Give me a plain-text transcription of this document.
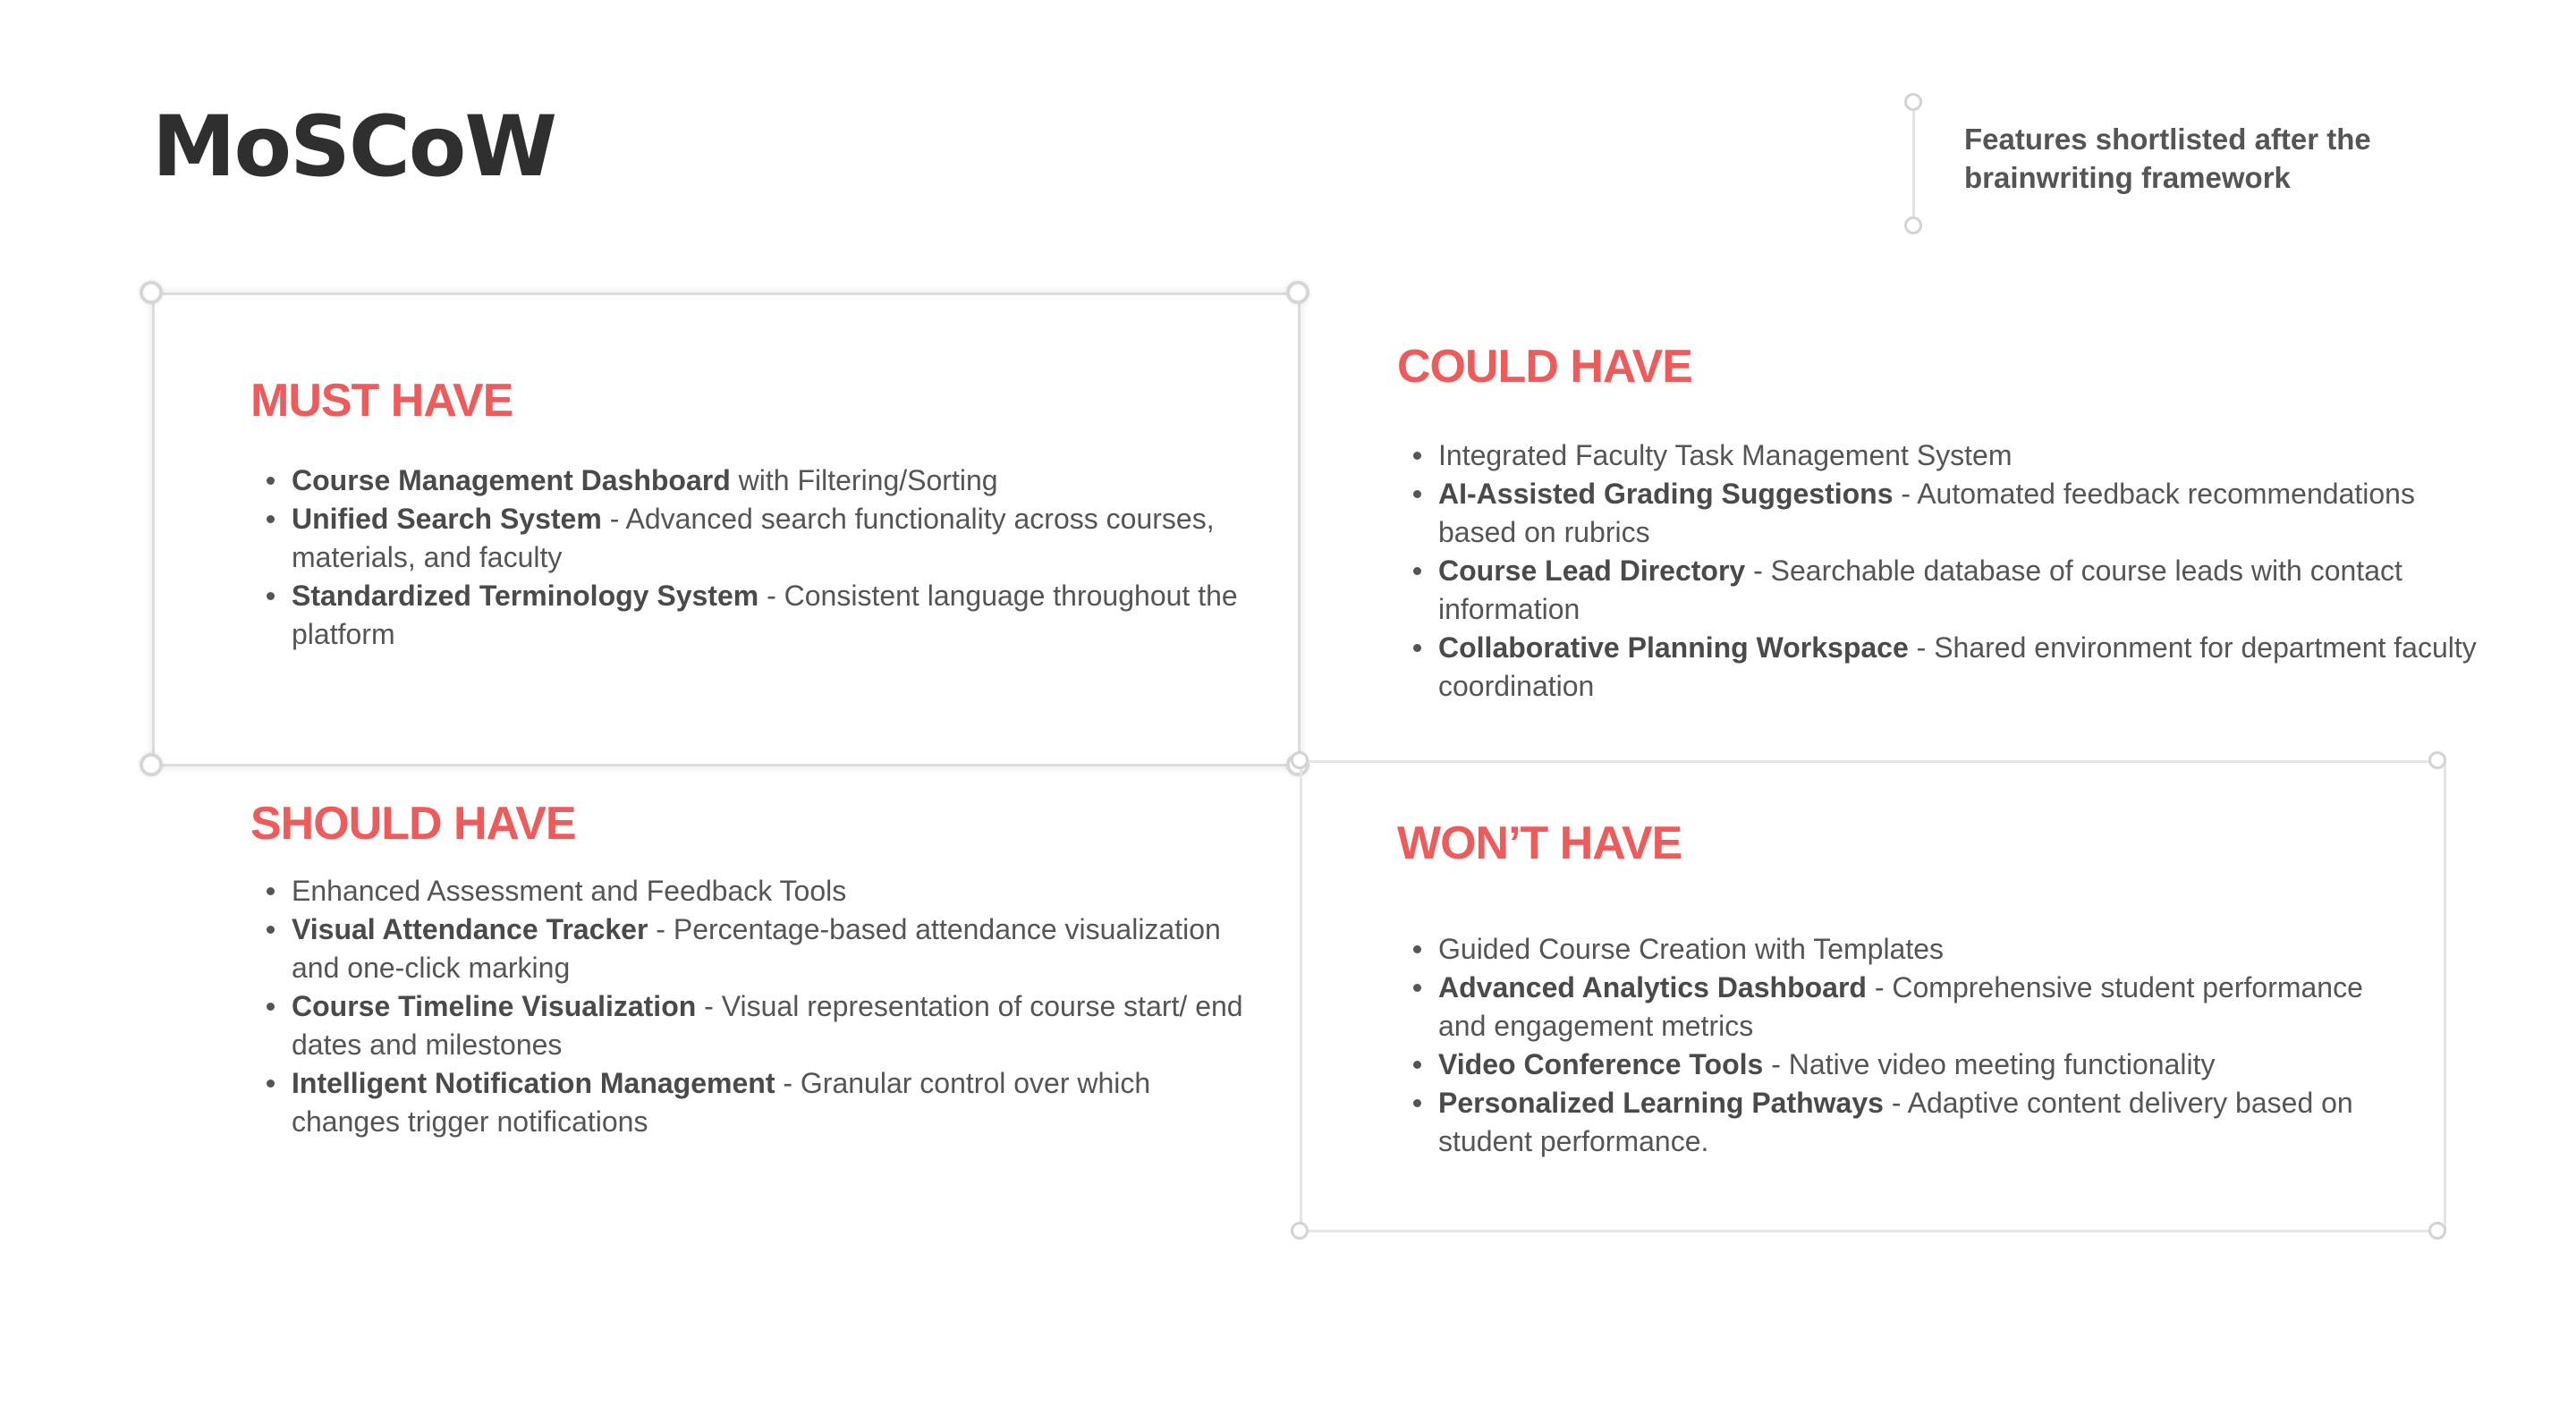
MoSCoW	Features shortlisted after the brainwriting framework
MUST HAVE
Course Management Dashboard with Filtering/Sorting
Unified Search System - Advanced search functionality across courses, materials, and faculty
Standardized Terminology System - Consistent language throughout the platform
COULD HAVE
Integrated Faculty Task Management System
AI-Assisted Grading Suggestions - Automated feedback recommendations based on rubrics
Course Lead Directory - Searchable database of course leads with contact information
Collaborative Planning Workspace - Shared environment for department faculty coordination
SHOULD HAVE
Enhanced Assessment and Feedback Tools
Visual Attendance Tracker - Percentage-based attendance visualization and one-click marking
Course Timeline Visualization - Visual representation of course start/ end dates and milestones
Intelligent Notification Management - Granular control over which changes trigger notifications
WON’T HAVE
Guided Course Creation with Templates
Advanced Analytics Dashboard - Comprehensive student performance and engagement metrics
Video Conference Tools - Native video meeting functionality
Personalized Learning Pathways - Adaptive content delivery based on student performance.
